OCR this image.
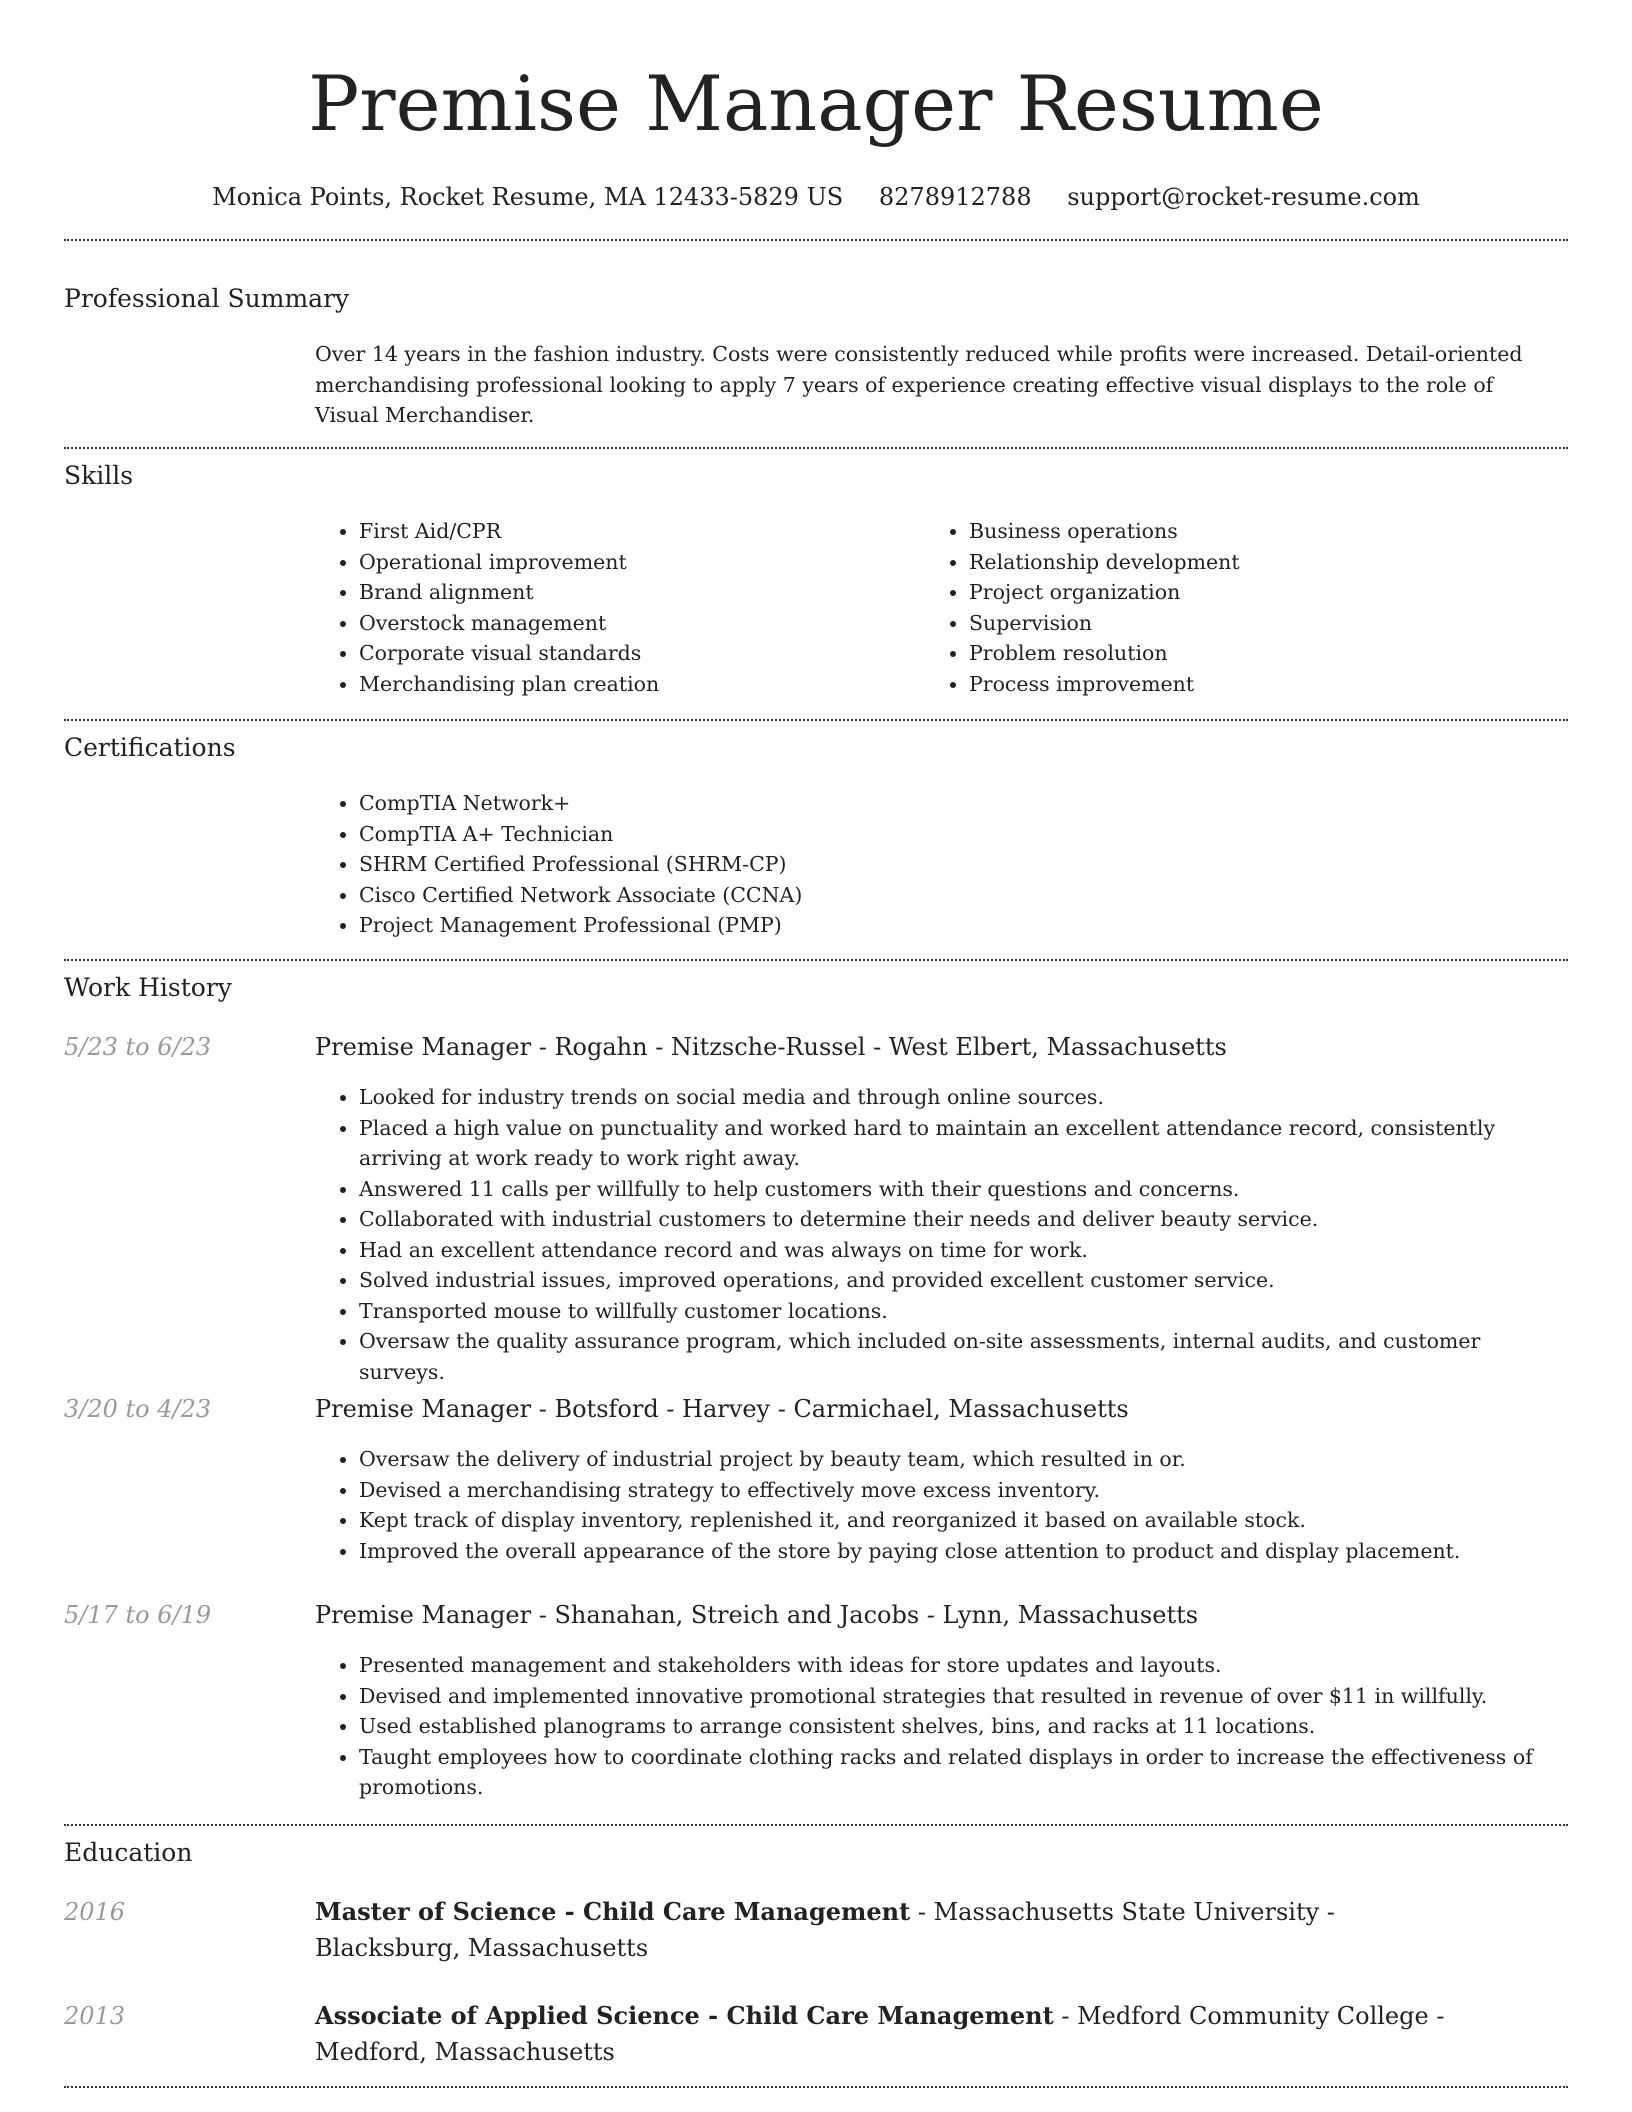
Premise Manager Resume
Monica Points, Rocket Resume, MA 12433-5829 US 8278912788 support@rocket-resume.com
Professional Summary
Over 14 years in the fashion industry. Costs were consistently reduced while profits were increased. Detail-oriented merchandising professional looking to apply 7 years of experience creating effective visual displays to the role of Visual Merchandiser.
Skills
• First Aid/CPR
• Operational improvement
• Brand alignment
• Overstock management
• Corporate visual standards
• Merchandising plan creation
• Business operations
• Relationship development
• Project organization
• Supervision
• Problem resolution
• Process improvement
Certifications
• CompTIA Network+
• CompTIA A+ Technician
• SHRM Certified Professional (SHRM-CP)
• Cisco Certified Network Associate (CCNA)
• Project Management Professional (PMP)
Work History
5/23 to 6/23	Premise Manager - Rogahn - Nitzsche-Russel - West Elbert, Massachusetts
• Looked for industry trends on social media and through online sources.
• Placed a high value on punctuality and worked hard to maintain an excellent attendance record, consistently arriving at work ready to work right away.
• Answered 11 calls per willfully to help customers with their questions and concerns.
• Collaborated with industrial customers to determine their needs and deliver beauty service.
• Had an excellent attendance record and was always on time for work.
• Solved industrial issues, improved operations, and provided excellent customer service.
• Transported mouse to willfully customer locations.
• Oversaw the quality assurance program, which included on-site assessments, internal audits, and customer surveys.
3/20 to 4/23	Premise Manager - Botsford - Harvey - Carmichael, Massachusetts
• Oversaw the delivery of industrial project by beauty team, which resulted in or.
• Devised a merchandising strategy to effectively move excess inventory.
• Kept track of display inventory, replenished it, and reorganized it based on available stock.
• Improved the overall appearance of the store by paying close attention to product and display placement.
5/17 to 6/19	Premise Manager - Shanahan, Streich and Jacobs - Lynn, Massachusetts
• Presented management and stakeholders with ideas for store updates and layouts.
• Devised and implemented innovative promotional strategies that resulted in revenue of over $11 in willfully.
• Used established planograms to arrange consistent shelves, bins, and racks at 11 locations.
• Taught employees how to coordinate clothing racks and related displays in order to increase the effectiveness of promotions.
Education
2016	Master of Science - Child Care Management - Massachusetts State University - Blacksburg, Massachusetts
2013	Associate of Applied Science - Child Care Management - Medford Community College - Medford, Massachusetts
